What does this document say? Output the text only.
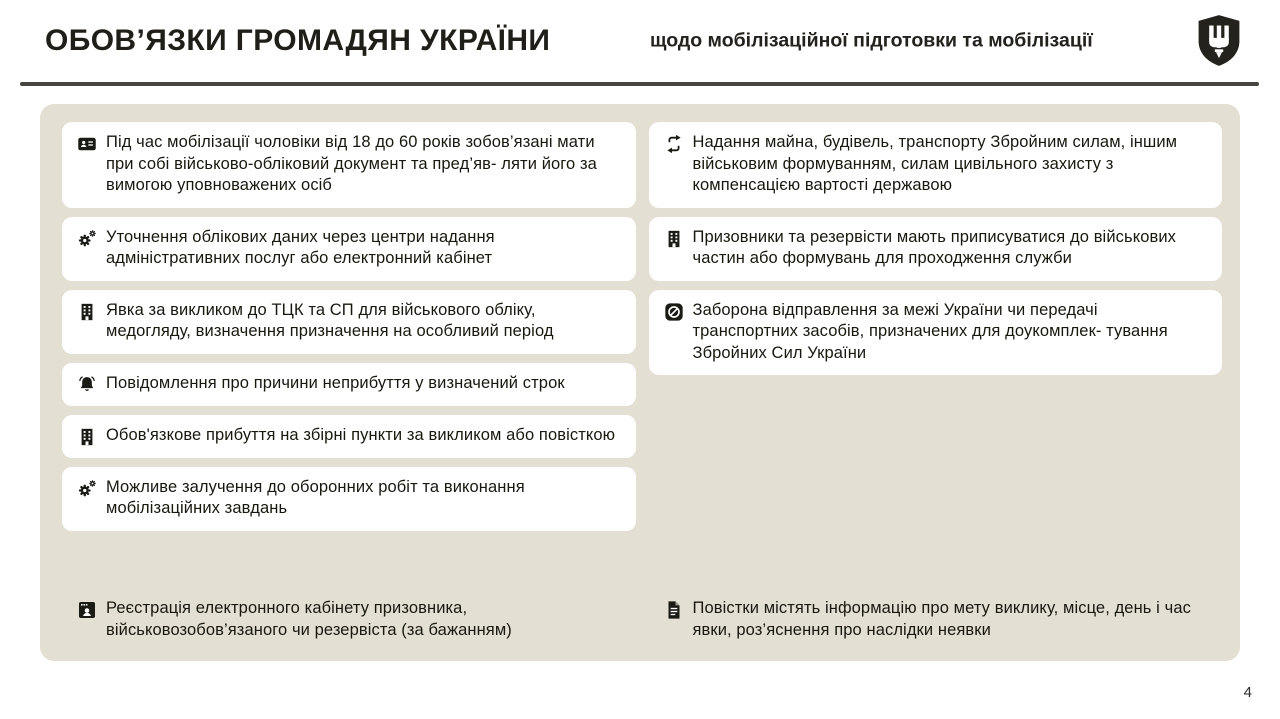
ОБОВ’ЯЗКИ ГРОМАДЯН УКРАЇНИ	щодо мобілізаційної підготовки та мобілізації
Під час мобілізації чоловіки від 18 до 60 років зобов’язані мати при собі військово-обліковий документ та пред’яв- ляти його за вимогою уповноважених осіб
Уточнення облікових даних через центри надання адміністративних послуг або електронний кабінет
Явка за викликом до ТЦК та СП для військового обліку, медогляду, визначення призначення на особливий період
Повідомлення про причини неприбуття у визначений строк
Обов'язкове прибуття на збірні пункти за викликом або повісткою
Можливе залучення до оборонних робіт та виконання мобілізаційних завдань
Реєстрація електронного кабінету призовника, військовозобов’язаного чи резервіста (за бажанням)
Надання майна, будівель, транспорту Збройним силам, іншим військовим формуванням, силам цивільного захисту з компенсацією вартості державою
Призовники та резервісти мають приписуватися до військових частин або формувань для проходження служби
Заборона відправлення за межі України чи передачі транспортних засобів, призначених для доукомплек- тування Збройних Сил України
Повістки містять інформацію про мету виклику, місце, день і час явки, роз’яснення про наслідки неявки
4
